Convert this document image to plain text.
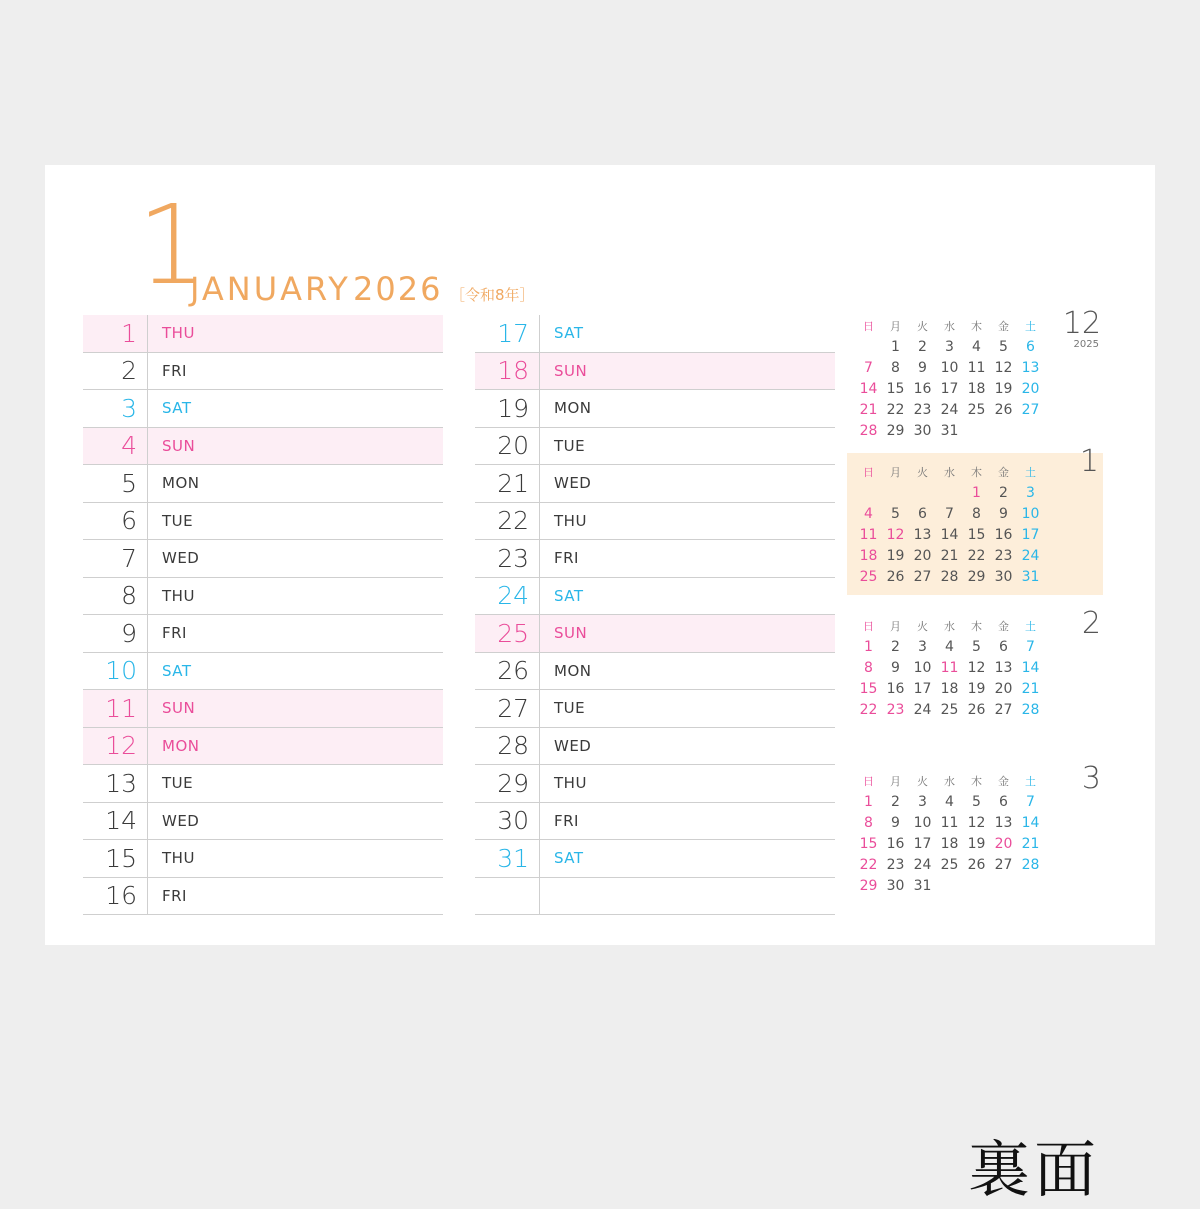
1
JANUARY 2026 ［令和8年］
1	THU
2	FRI
3	SAT
4	SUN
5	MON
6	TUE
7	WED
8	THU
9	FRI
10	SAT
11	SUN
12	MON
13	TUE
14	WED
15	THU
16	FRI
17	SAT
18	SUN
19	MON
20	TUE
21	WED
22	THU
23	FRI
24	SAT
25	SUN
26	MON
27	TUE
28	WED
29	THU
30	FRI
31	SAT
12
2025
日	月	火	水	木	金	土
	1	2	3	4	5	6
7	8	9	10	11	12	13
14	15	16	17	18	19	20
21	22	23	24	25	26	27
28	29	30	31			
1
日	月	火	水	木	金	土
				1	2	3
4	5	6	7	8	9	10
11	12	13	14	15	16	17
18	19	20	21	22	23	24
25	26	27	28	29	30	31
2
日	月	火	水	木	金	土
1	2	3	4	5	6	7
8	9	10	11	12	13	14
15	16	17	18	19	20	21
22	23	24	25	26	27	28
3
日	月	火	水	木	金	土
1	2	3	4	5	6	7
8	9	10	11	12	13	14
15	16	17	18	19	20	21
22	23	24	25	26	27	28
29	30	31				
裏面
